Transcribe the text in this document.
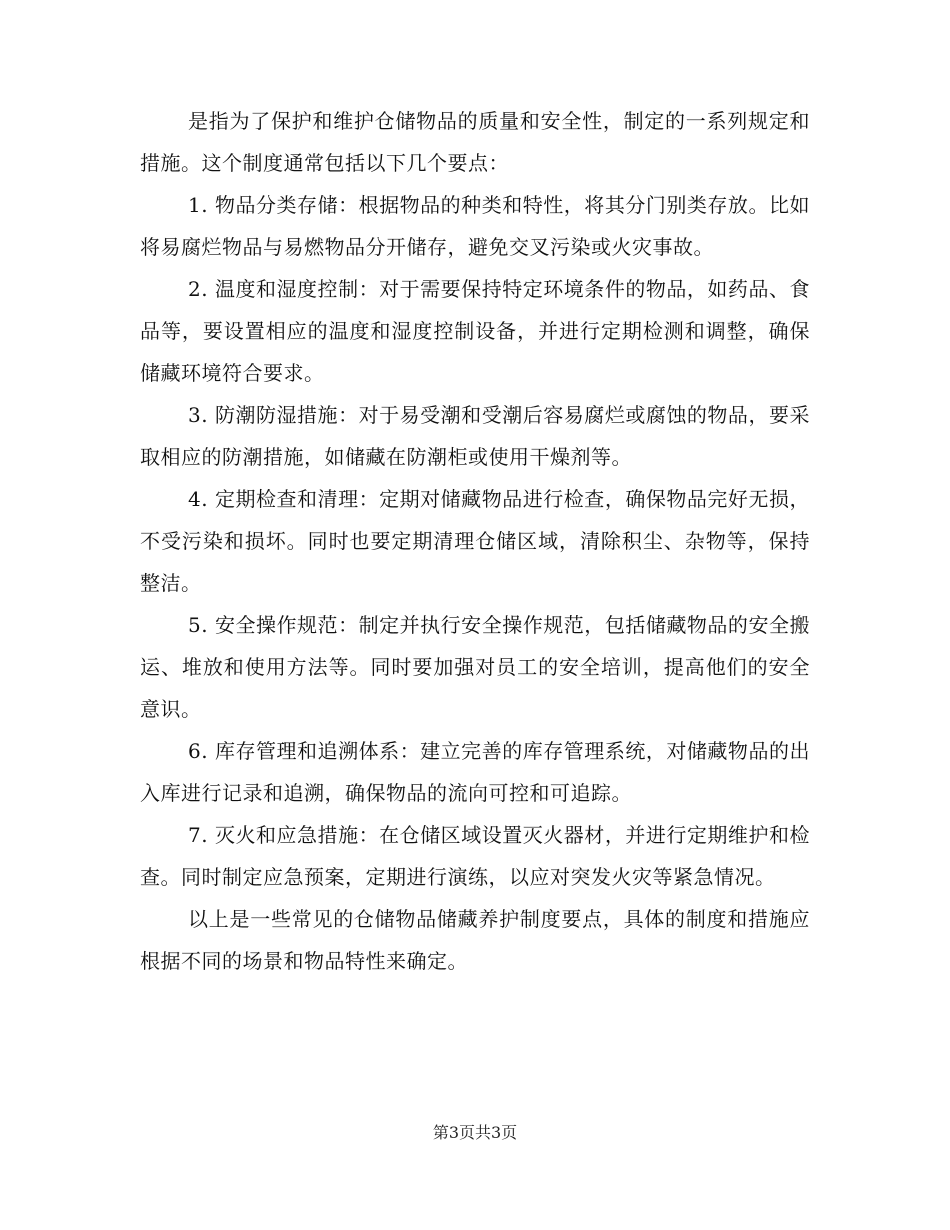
是指为了保护和维护仓储物品的质量和安全性，制定的一系列规定和措施。这个制度通常包括以下几个要点：

1. 物品分类存储：根据物品的种类和特性，将其分门别类存放。比如将易腐烂物品与易燃物品分开储存，避免交叉污染或火灾事故。

2. 温度和湿度控制：对于需要保持特定环境条件的物品，如药品、食品等，要设置相应的温度和湿度控制设备，并进行定期检测和调整，确保储藏环境符合要求。

3. 防潮防湿措施：对于易受潮和受潮后容易腐烂或腐蚀的物品，要采取相应的防潮措施，如储藏在防潮柜或使用干燥剂等。

4. 定期检查和清理：定期对储藏物品进行检查，确保物品完好无损，不受污染和损坏。同时也要定期清理仓储区域，清除积尘、杂物等，保持整洁。

5. 安全操作规范：制定并执行安全操作规范，包括储藏物品的安全搬运、堆放和使用方法等。同时要加强对员工的安全培训，提高他们的安全意识。

6. 库存管理和追溯体系：建立完善的库存管理系统，对储藏物品的出入库进行记录和追溯，确保物品的流向可控和可追踪。

7. 灭火和应急措施：在仓储区域设置灭火器材，并进行定期维护和检查。同时制定应急预案，定期进行演练，以应对突发火灾等紧急情况。

以上是一些常见的仓储物品储藏养护制度要点，具体的制度和措施应根据不同的场景和物品特性来确定。

第3页共3页
